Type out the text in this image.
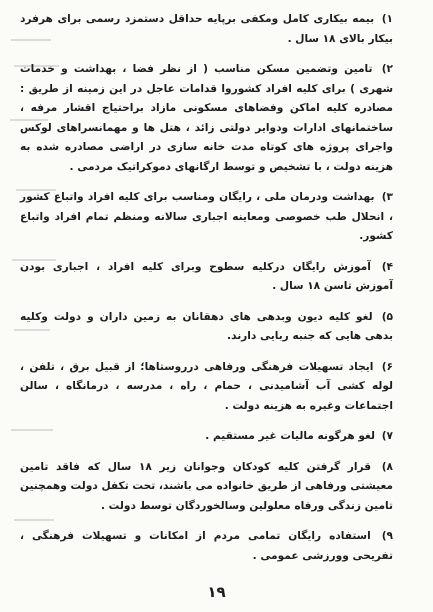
۱) بیمه بیکاری کامل ومکفی برپایه حداقل دستمزد رسمی برای هرفرد بیکار بالای ۱۸ سال .

۲) تامین وتضمین مسکن مناسب ( از نظر فضا ، بهداشت و خدمات شهری ) برای کلیه افراد کشوروا قدامات عاجل در این زمینه از طریق : مصادره کلیه اماکن وفضاهای مسکونی مازاد براحتیاج اقشار مرفه ، ساختمانهای ادارات ودوایر دولتی زائد ، هتل ها و مهمانسراهای لوکس واجرای پروژه های کوتاه مدت خانه سازی در اراضی مصادره شده به هزینه دولت ، با تشخیص و توسط ارگانهای دموکراتیک مردمی .

۳) بهداشت ودرمان ملی ، رایگان ومناسب برای کلیه افراد واتباع کشور ، انحلال طب خصوصی ومعاینه اجباری سالانه ومنظم تمام افراد واتباع کشور.

۴) آموزش رایگان درکلیه سطوح وبرای کلیه افراد ، اجباری بودن آموزش تاسن ۱۸ سال .

۵) لغو کلیه دیون وبدهی های دهقانان به زمین داران و دولت وکلیه بدهی هایی که جنبه ربایی دارند.

۶) ایجاد تسهیلات فرهنگی ورفاهی درروستاها؛ از قبیل برق ، تلفن ، لوله کشی آب آشامیدنی ، حمام ، راه ، مدرسه ، درمانگاه ، سالن اجتماعات وغیره به هزینه دولت .

۷) لغو هرگونه مالیات غیر مستقیم .

۸) قرار گرفتن کلیه کودکان وجوانان زیر ۱۸ سال که فاقد تامین معیشتی ورفاهی از طریق خانواده می باشند، تحت تکفل دولت وهمچنین تامین زندگی ورفاه معلولین وسالخوردگان توسط دولت .

۹) استفاده رایگان تمامی مردم از امکانات و تسهیلات فرهنگی ، تفریحی وورزشی عمومی .

۱۹
